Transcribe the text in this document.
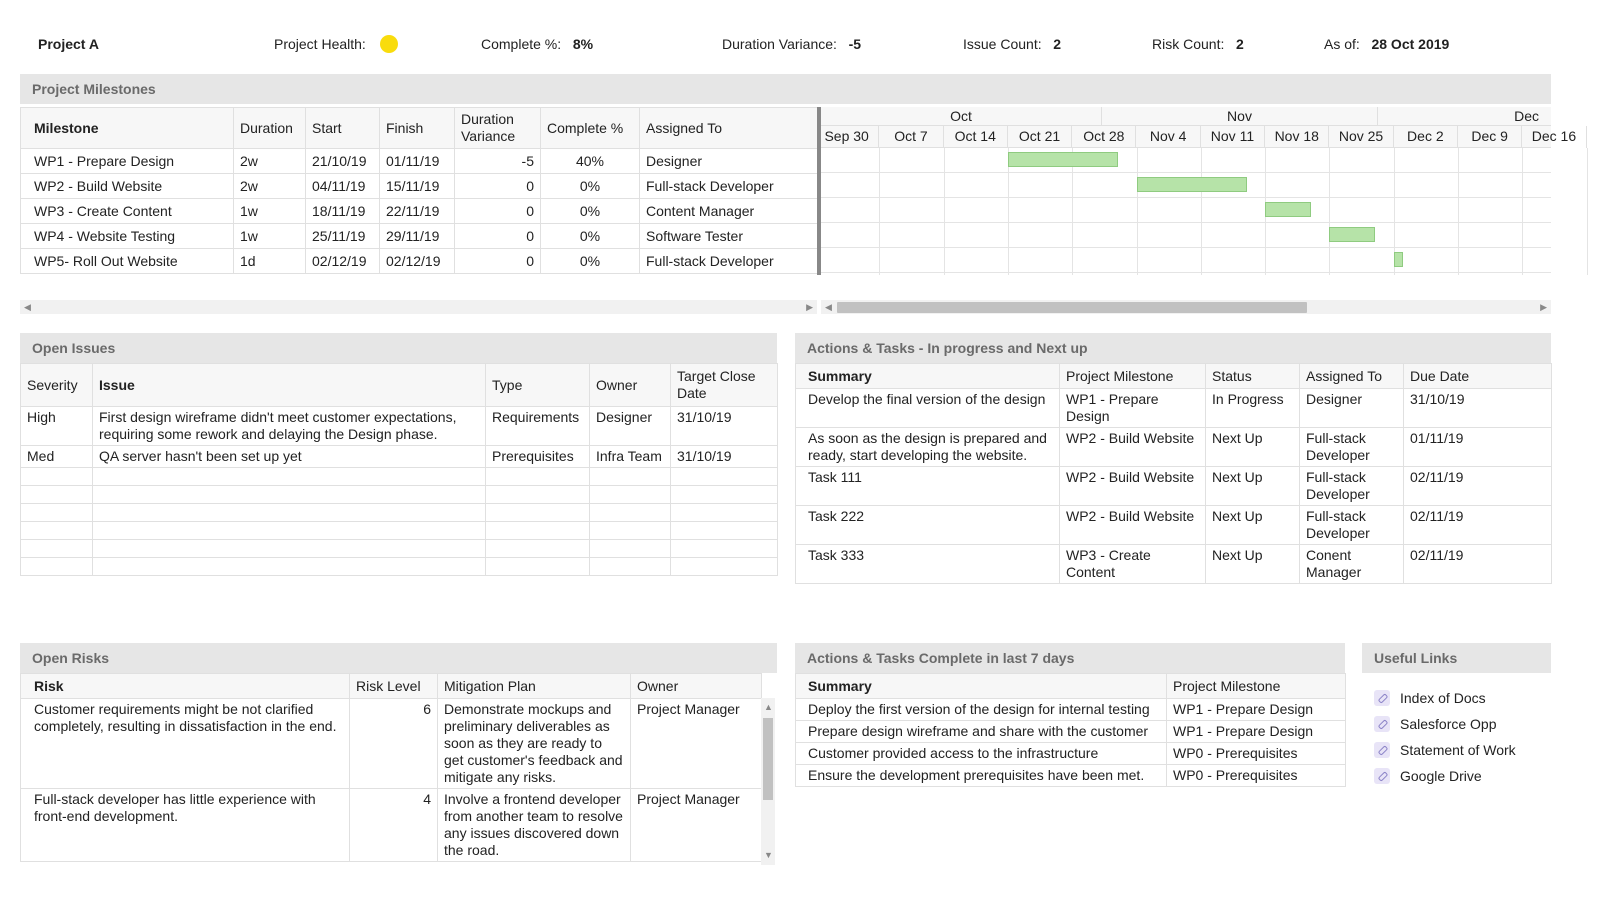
Project A	Project Health:	Complete %: 8%	Duration Variance: -5	Issue Count: 2	Risk Count: 2	As of: 28 Oct 2019
Project Milestones
Milestone	Duration	Start	Finish	Duration Variance	Complete %	Assigned To
WP1 - Prepare Design	2w	21/10/19	01/11/19	-5	40%	Designer
WP2 - Build Website	2w	04/11/19	15/11/19	0	0%	Full-stack Developer
WP3 - Create Content	1w	18/11/19	22/11/19	0	0%	Content Manager
WP4 - Website Testing	1w	25/11/19	29/11/19	0	0%	Software Tester
WP5- Roll Out Website	1d	02/12/19	02/12/19	0	0%	Full-stack Developer
Oct	Nov	Dec
Sep 30	Oct 7	Oct 14	Oct 21	Oct 28	Nov 4	Nov 11	Nov 18	Nov 25	Dec 2	Dec 9	Dec 16
◀	▶ ◀	▶
Open Issues
Severity	Issue	Type	Owner	Target Close Date
High	First design wireframe didn't meet customer expectations, requiring some rework and delaying the Design phase.	Requirements	Designer	31/10/19
Med	QA server hasn't been set up yet	Prerequisites	Infra Team	31/10/19

Actions & Tasks - In progress and Next up
Summary	Project Milestone	Status	Assigned To	Due Date
Develop the final version of the design	WP1 - Prepare Design	In Progress	Designer	31/10/19
As soon as the design is prepared and ready, start developing the website.	WP2 - Build Website	Next Up	Full-stack Developer	01/11/19
Task 111	WP2 - Build Website	Next Up	Full-stack Developer	02/11/19
Task 222	WP2 - Build Website	Next Up	Full-stack Developer	02/11/19
Task 333	WP3 - Create Content	Next Up	Conent Manager	02/11/19
Open Risks
Risk	Risk Level	Mitigation Plan	Owner
Customer requirements might be not clarified completely, resulting in dissatisfaction in the end.	6	Demonstrate mockups and preliminary deliverables as soon as they are ready to get customer's feedback and mitigate any risks.	Project Manager
Full-stack developer has little experience with front-end development.	4	Involve a frontend developer from another team to resolve any issues discovered down the road.	Project Manager
▲
▼
Actions & Tasks Complete in last 7 days
Summary	Project Milestone
Deploy the first version of the design for internal testing	WP1 - Prepare Design
Prepare design wireframe and share with the customer	WP1 - Prepare Design
Customer provided access to the infrastructure	WP0 - Prerequisites
Ensure the development prerequisites have been met.	WP0 - Prerequisites
Useful Links
Index of Docs
Salesforce Opp
Statement of Work
Google Drive
